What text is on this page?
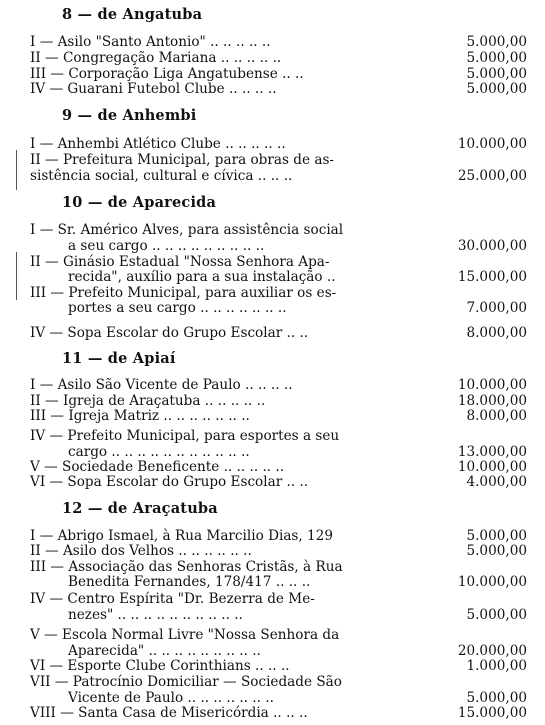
8 — de Angatuba
I — Asilo "Santo Antonio" .. .. .. .. ..	5.000,00
II — Congregação Mariana .. .. .. .. ..	5.000,00
III — Corporação Liga Angatubense .. ..	5.000,00
IV — Guarani Futebol Clube .. .. .. ..	5.000,00
9 — de Anhembi
I — Anhembi Atlético Clube .. .. .. .. ..	10.000,00
II — Prefeitura Municipal, para obras de as-
sistência social, cultural e cívica .. .. ..	25.000,00
10 — de Aparecida
I — Sr. Américo Alves, para assistência social
a seu cargo .. .. .. .. .. .. .. .. ..	30.000,00
II — Ginásio Estadual "Nossa Senhora Apa-
recida", auxílio para a sua instalação ..	15.000,00
III — Prefeito Municipal, para auxiliar os es-
portes a seu cargo .. .. .. .. .. .. ..	7.000,00
IV — Sopa Escolar do Grupo Escolar .. ..	8.000,00
11 — de Apiaí
I — Asilo São Vicente de Paulo .. .. .. ..	10.000,00
II — Igreja de Araçatuba .. .. .. .. ..	18.000,00
III — Igreja Matriz .. .. .. .. .. .. ..	8.000,00
IV — Prefeito Municipal, para esportes a seu
cargo .. .. .. .. .. .. .. .. .. .. ..	13.000,00
V — Sociedade Beneficente .. .. .. .. ..	10.000,00
VI — Sopa Escolar do Grupo Escolar .. ..	4.000,00
12 — de Araçatuba
I — Abrigo Ismael, à Rua Marcilio Dias, 129	5.000,00
II — Asilo dos Velhos .. .. .. .. .. ..	5.000,00
III — Associação das Senhoras Cristãs, à Rua
Benedita Fernandes, 178/417 .. .. ..	10.000,00
IV — Centro Espírita "Dr. Bezerra de Me-
nezes" .. .. .. .. .. .. .. .. .. ..	5.000,00
V — Escola Normal Livre "Nossa Senhora da
Aparecida" .. .. .. .. .. .. .. .. ..	20.000,00
VI — Esporte Clube Corinthians .. .. ..	1.000,00
VII — Patrocínio Domiciliar — Sociedade São
Vicente de Paulo .. .. .. .. .. .. ..	5.000,00
VIII — Santa Casa de Misericórdia .. .. ..	15.000,00
